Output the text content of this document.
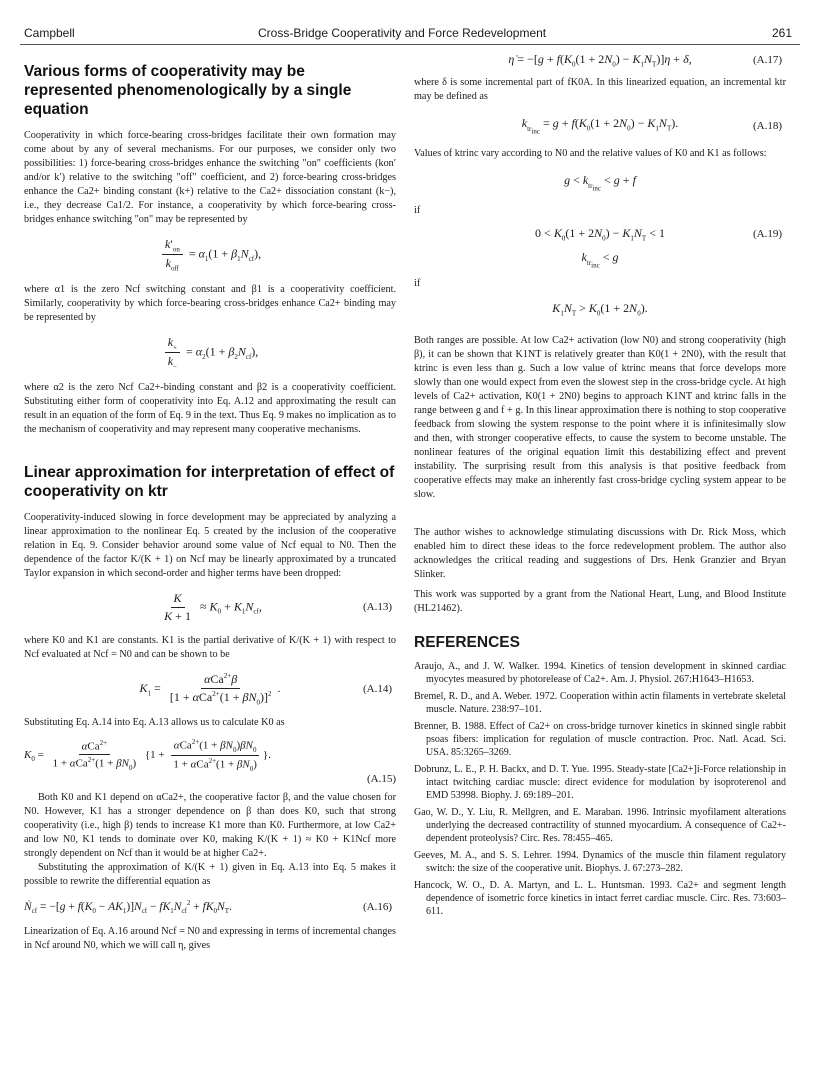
Campbell	Cross-Bridge Cooperativity and Force Redevelopment	261
Various forms of cooperativity may be represented phenomenologically by a single equation

Cooperativity in which force-bearing cross-bridges facilitate their own formation may come about by any of several mechanisms. For our purposes, we consider only two possibilities: 1) force-bearing cross-bridges enhance the switching "on" coefficients (kon′ and/or k′) relative to the switching "off" coefficient, and 2) force-bearing cross-bridges enhance the Ca2+ binding constant (k+) relative to the Ca2+ dissociation constant (k−), i.e., they decrease Ca1/2. For instance, a cooperativity by which force-bearing cross-bridges enhance switching "on" may be represented by

$\frac{k'_{on}}{k_{off}} = \alpha_1(1 + \beta_1N_{cf})$,

where α1 is the zero Ncf switching constant and β1 is a cooperativity coefficient. Similarly, cooperativity by which force-bearing cross-bridges enhance Ca2+ binding may be represented by

$\frac{k_+}{k_-} = \alpha_2(1 + \beta_2N_{cf})$,

where α2 is the zero Ncf Ca2+-binding constant and β2 is a cooperativity coefficient. Substituting either form of cooperativity into Eq. A.12 and approximating the result can result in an equation of the form of Eq. 9 in the text. Thus Eq. 9 makes no implication as to the mechanism of cooperativity and may represent many cooperative mechanisms.

Linear approximation for interpretation of effect of cooperativity on ktr

Cooperativity-induced slowing in force development may be appreciated by analyzing a linear approximation to the nonlinear Eq. 5 created by the inclusion of the cooperative relation in Eq. 9. Consider behavior around some value of Ncf equal to N0. Then the dependence of the factor K/(K + 1) on Ncf may be linearly approximated by a truncated Taylor expansion in which second-order and higher terms have been dropped:

$\frac{K}{K + 1} \approx K_0 + K_1N_{cf}$,	(A.13)

where K0 and K1 are constants. K1 is the partial derivative of K/(K + 1) with respect to Ncf evaluated at Ncf = N0 and can be shown to be

$K_1 = \frac{\alpha Ca^{2+}\beta}{[1 + \alpha Ca^{2+}(1 + \beta N_0)]^2}$ .	(A.14)

Substituting Eq. A.14 into Eq. A.13 allows us to calculate K0 as

$K_0 = \frac{\alpha Ca^{2+}}{1 + \alpha Ca^{2+}(1 + \beta N_0)} \{1 + \frac{\alpha Ca^{2+}(1 + \beta N_0)\beta N_0}{1 + \alpha Ca^{2+}(1 + \beta N_0)}$ }.
(A.15)

Both K0 and K1 depend on αCa2+, the cooperative factor β, and the value chosen for N0. However, K1 has a stronger dependence on β than does K0, such that strong cooperativity (i.e., high β) tends to increase K1 more than K0. Furthermore, at low Ca2+ and low N0, K1 tends to dominate over K0, making K/(K + 1) ≈ K0 + K1Ncf more strongly dependent on Ncf than it would be at higher Ca2+.

Substituting the approximation of K/(K + 1) given in Eq. A.13 into Eq. 5 makes it possible to rewrite the differential equation as

Ṅ$_{cf}$ = $-[g + f(K_0 - AK_1)]N_{cf} - fK_1N_{cf}^2 + fK_0N_T$.	(A.16)

Linearization of Eq. A.16 around Ncf = N0 and expressing in terms of incremental changes in Ncf around N0, which we will call η, gives

η̇ = $-[g + f(K_0(1 + 2N_0) - K_1N_T)]\eta + \delta$,	(A.17)

where δ is some incremental part of fK0A. In this linearized equation, an incremental ktr may be defined as

$k_{tr_{inc}} = g + f(K_0(1 + 2N_0) - K_1N_T)$.	(A.18)

Values of ktrinc vary according to N0 and the relative values of K0 and K1 as follows:

$g < k_{tr_{inc}} < g + f$

if

$0 < K_0(1 + 2N_0) - K_1N_T < 1$	(A.19)
$k_{tr_{inc}} < g$

if

$K_1N_T > K_0(1 + 2N_0)$.

Both ranges are possible. At low Ca2+ activation (low N0) and strong cooperativity (high β), it can be shown that K1NT is relatively greater than K0(1 + 2N0), with the result that ktrinc is even less than g. Such a low value of ktrinc means that force develops more slowly than one would expect from even the slowest step in the cross-bridge cycle. At high levels of Ca2+ activation, K0(1 + 2N0) begins to approach K1NT and ktrinc falls in the range between g and f + g. In this linear approximation there is nothing to stop cooperative feedback from slowing the system response to the point where it is infinitesimally slow and then, with stronger cooperative effects, to cause the system to become unstable. The nonlinear features of the original equation limit this destabilizing effect and prevent instability. The surprising result from this analysis is that positive feedback from cooperative effects may make an inherently fast cross-bridge cycling system appear to be slow.

The author wishes to acknowledge stimulating discussions with Dr. Rick Moss, which enabled him to direct these ideas to the force redevelopment problem. The author also acknowledges the critical reading and suggestions of Drs. Henk Granzier and Bryan Slinker.

This work was supported by a grant from the National Heart, Lung, and Blood Institute (HL21462).

REFERENCES
Araujo, A., and J. W. Walker. 1994. Kinetics of tension development in skinned cardiac myocytes measured by photorelease of Ca2+. Am. J. Physiol. 267:H1643–H1653.
Bremel, R. D., and A. Weber. 1972. Cooperation within actin filaments in vertebrate skeletal muscle. Nature. 238:97–101.
Brenner, B. 1988. Effect of Ca2+ on cross-bridge turnover kinetics in skinned single rabbit psoas fibers: implication for regulation of muscle contraction. Proc. Natl. Acad. Sci. USA. 85:3265–3269.
Dobrunz, L. E., P. H. Backx, and D. T. Yue. 1995. Steady-state [Ca2+]i-Force relationship in intact twitching cardiac muscle: direct evidence for modulation by isoproterenol and EMD 53998. Biophy. J. 69:189–201.
Gao, W. D., Y. Liu, R. Mellgren, and E. Maraban. 1996. Intrinsic myofilament alterations underlying the decreased contractility of stunned myocardium. A consequence of Ca2+-dependent proteolysis? Circ. Res. 78:455–465.
Geeves, M. A., and S. S. Lehrer. 1994. Dynamics of the muscle thin filament regulatory switch: the size of the cooperative unit. Biophys. J. 67:273–282.
Hancock, W. O., D. A. Martyn, and L. L. Huntsman. 1993. Ca2+ and segment length dependence of isometric force kinetics in intact ferret cardiac muscle. Circ. Res. 73:603–611.
